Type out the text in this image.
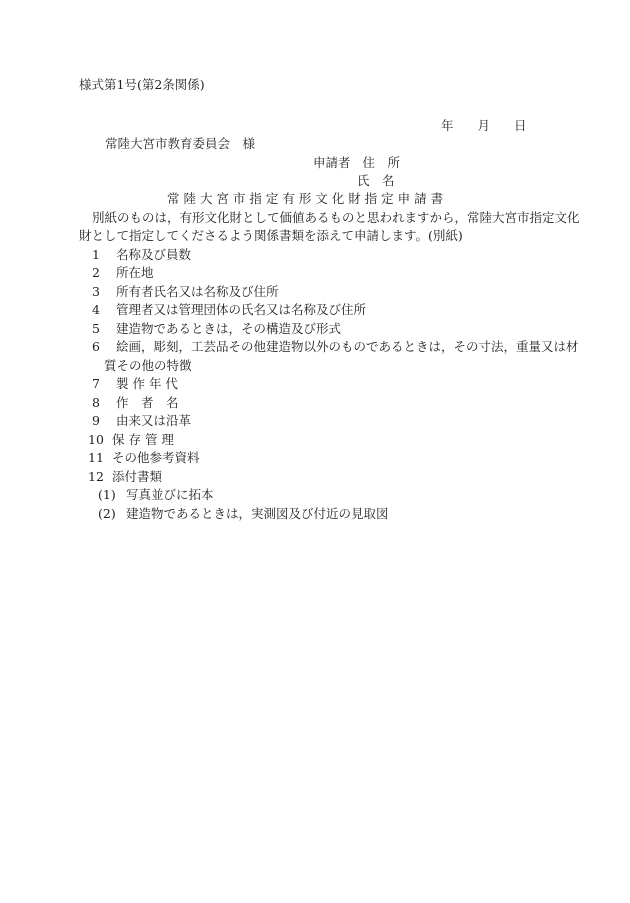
様式第1号(第2条関係)
年 月 日
常陸大宮市教育委員会　様
申請者 住　所
氏　名
常 陸 大 宮 市 指 定 有 形 文 化 財 指 定 申 請 書
別紙のものは，有形文化財として価値あるものと思われますから，常陸大宮市指定文化
財として指定してくださるよう関係書類を添えて申請します。(別紙)
1 名称及び員数
2 所在地
3 所有者氏名又は名称及び住所
4 管理者又は管理団体の氏名又は名称及び住所
5 建造物であるときは，その構造及び形式
6 絵画，彫刻，工芸品その他建造物以外のものであるときは，その寸法，重量又は材
質その他の特徴
7 製 作 年 代
8 作　者　名
9 由来又は沿革
10 保 存 管 理
11 その他参考資料
12 添付書類
(1) 写真並びに拓本
(2) 建造物であるときは，実測図及び付近の見取図
